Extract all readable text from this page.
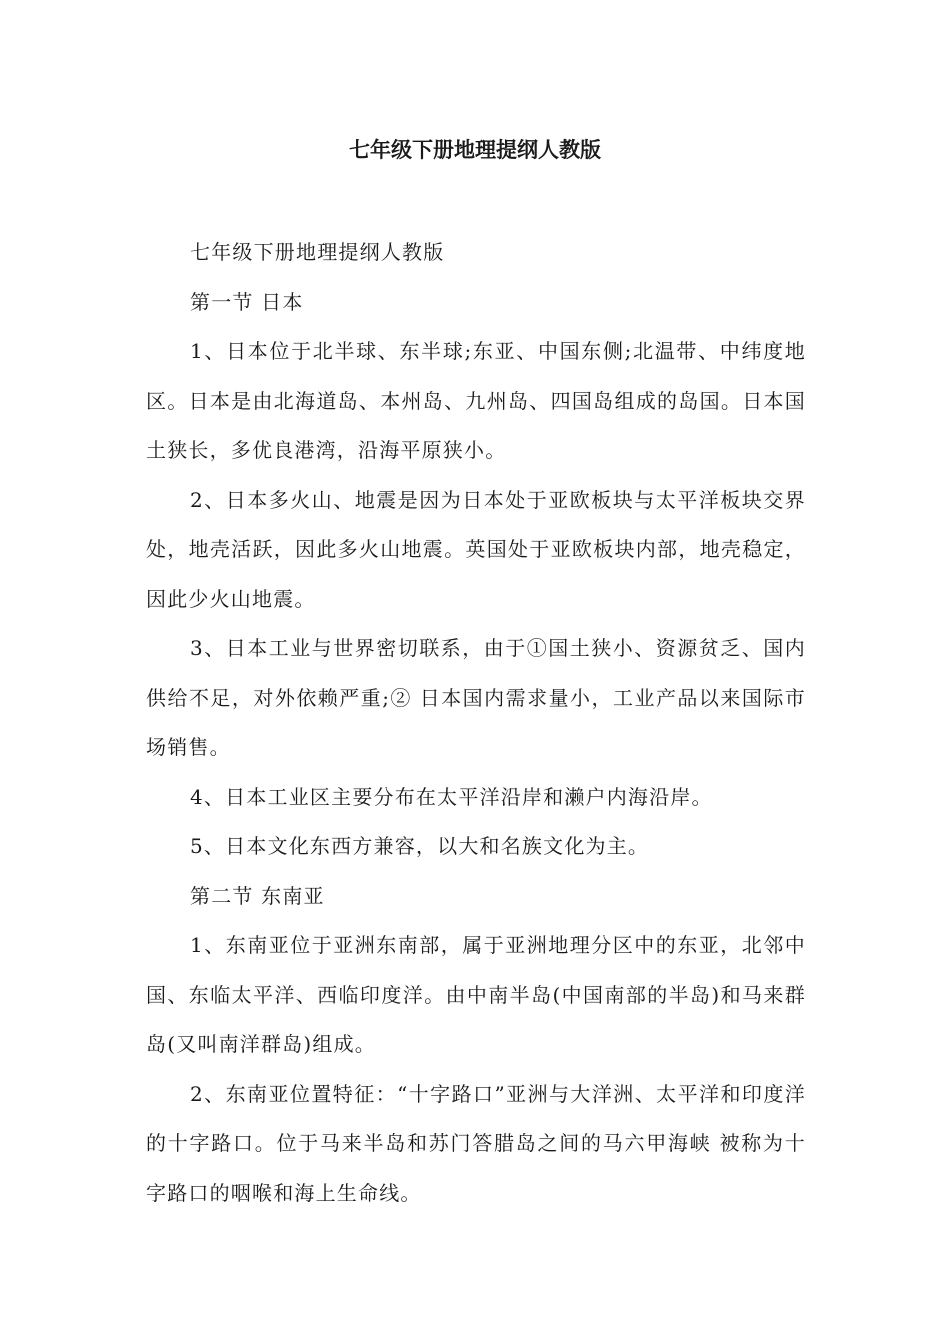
七年级下册地理提纲人教版

七年级下册地理提纲人教版

第一节 日本

1、日本位于北半球、东半球;东亚、中国东侧;北温带、中纬度地区。日本是由北海道岛、本州岛、九州岛、四国岛组成的岛国。日本国土狭长，多优良港湾，沿海平原狭小。

2、日本多火山、地震是因为日本处于亚欧板块与太平洋板块交界处，地壳活跃，因此多火山地震。英国处于亚欧板块内部，地壳稳定，因此少火山地震。

3、日本工业与世界密切联系，由于①国土狭小、资源贫乏、国内供给不足，对外依赖严重;② 日本国内需求量小，工业产品以来国际市场销售。

4、日本工业区主要分布在太平洋沿岸和濑户内海沿岸。

5、日本文化东西方兼容，以大和名族文化为主。

第二节 东南亚

1、东南亚位于亚洲东南部，属于亚洲地理分区中的东亚，北邻中国、东临太平洋、西临印度洋。由中南半岛(中国南部的半岛)和马来群岛(又叫南洋群岛)组成。

2、东南亚位置特征：“十字路口”亚洲与大洋洲、太平洋和印度洋的十字路口。位于马来半岛和苏门答腊岛之间的马六甲海峡 被称为十字路口的咽喉和海上生命线。
